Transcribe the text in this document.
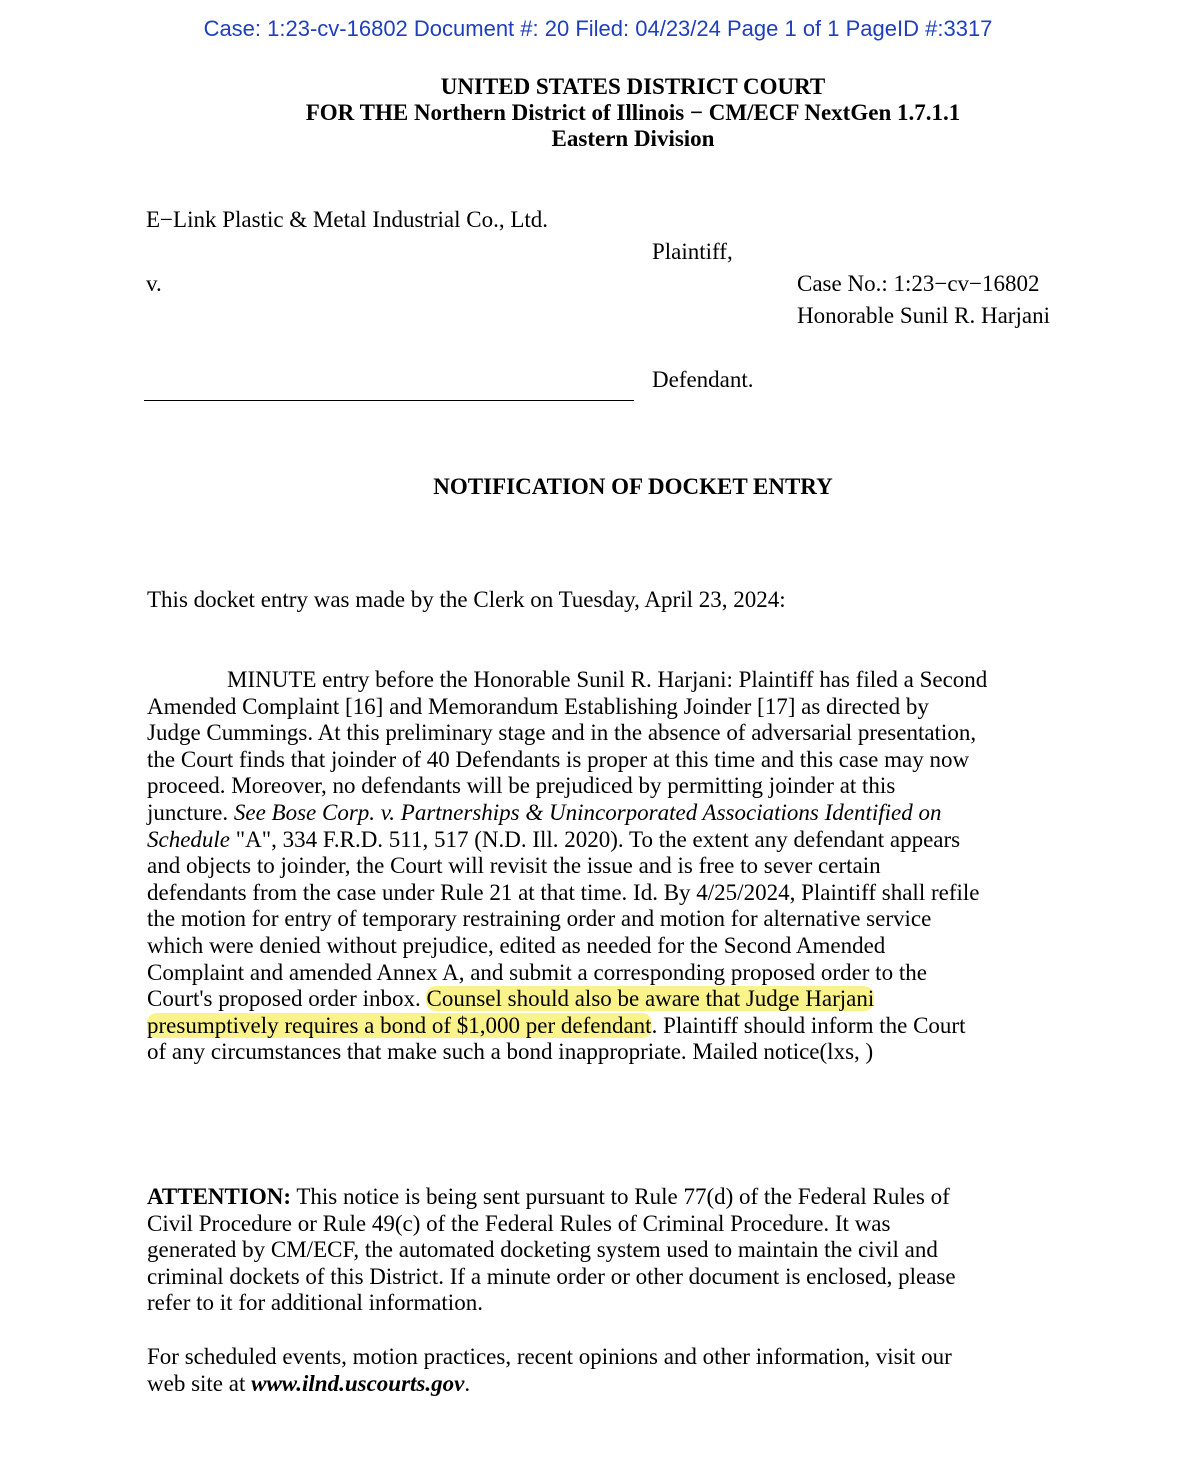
Case: 1:23-cv-16802 Document #: 20 Filed: 04/23/24 Page 1 of 1 PageID #:3317
UNITED STATES DISTRICT COURT
FOR THE Northern District of Illinois − CM/ECF NextGen 1.7.1.1
Eastern Division
E−Link Plastic & Metal Industrial Co., Ltd.
Plaintiff,
v.	Case No.: 1:23−cv−16802
Honorable Sunil R. Harjani
Defendant.
NOTIFICATION OF DOCKET ENTRY
This docket entry was made by the Clerk on Tuesday, April 23, 2024:
MINUTE entry before the Honorable Sunil R. Harjani: Plaintiff has filed a Second
Amended Complaint [16] and Memorandum Establishing Joinder [17] as directed by
Judge Cummings. At this preliminary stage and in the absence of adversarial presentation,
the Court finds that joinder of 40 Defendants is proper at this time and this case may now
proceed. Moreover, no defendants will be prejudiced by permitting joinder at this
juncture. See Bose Corp. v. Partnerships & Unincorporated Associations Identified on
Schedule "A", 334 F.R.D. 511, 517 (N.D. Ill. 2020). To the extent any defendant appears
and objects to joinder, the Court will revisit the issue and is free to sever certain
defendants from the case under Rule 21 at that time. Id. By 4/25/2024, Plaintiff shall refile
the motion for entry of temporary restraining order and motion for alternative service
which were denied without prejudice, edited as needed for the Second Amended
Complaint and amended Annex A, and submit a corresponding proposed order to the
Court's proposed order inbox. Counsel should also be aware that Judge Harjani
presumptively requires a bond of $1,000 per defendant. Plaintiff should inform the Court
of any circumstances that make such a bond inappropriate. Mailed notice(lxs, )
ATTENTION: This notice is being sent pursuant to Rule 77(d) of the Federal Rules of
Civil Procedure or Rule 49(c) of the Federal Rules of Criminal Procedure. It was
generated by CM/ECF, the automated docketing system used to maintain the civil and
criminal dockets of this District. If a minute order or other document is enclosed, please
refer to it for additional information.
For scheduled events, motion practices, recent opinions and other information, visit our
web site at www.ilnd.uscourts.gov.
